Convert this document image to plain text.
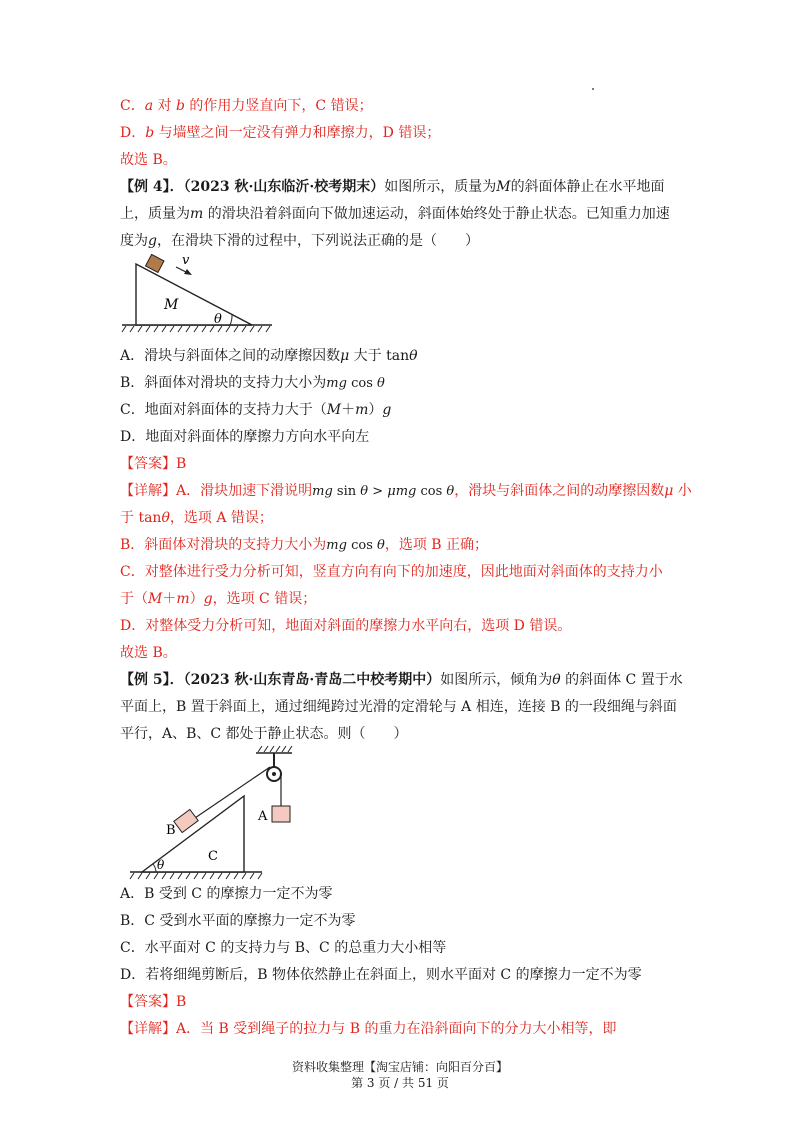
C．a 对 b 的作用力竖直向下，C 错误；
D．b 与墙壁之间一定没有弹力和摩擦力，D 错误；
故选 B。
【例 4】．（2023 秋·山东临沂·校考期末）如图所示，质量为M的斜面体静止在水平地面
上，质量为m 的滑块沿着斜面向下做加速运动，斜面体始终处于静止状态。已知重力加速
度为g，在滑块下滑的过程中，下列说法正确的是（　　）
v
M
θ
A．滑块与斜面体之间的动摩擦因数μ 大于 tanθ
B．斜面体对滑块的支持力大小为mg cos θ
C．地面对斜面体的支持力大于（M＋m）g
D．地面对斜面体的摩擦力方向水平向左
【答案】B
【详解】A．滑块加速下滑说明mg sin θ > μmg cos θ，滑块与斜面体之间的动摩擦因数μ 小
于 tanθ，选项 A 错误；
B．斜面体对滑块的支持力大小为mg cos θ，选项 B 正确；
C．对整体进行受力分析可知，竖直方向有向下的加速度，因此地面对斜面体的支持力小
于（M＋m）g，选项 C 错误；
D．对整体受力分析可知，地面对斜面的摩擦力水平向右，选项 D 错误。
故选 B。
【例 5】．（2023 秋·山东青岛·青岛二中校考期中）如图所示，倾角为θ 的斜面体 C 置于水
平面上，B 置于斜面上，通过细绳跨过光滑的定滑轮与 A 相连，连接 B 的一段细绳与斜面
平行，A、B、C 都处于静止状态。则（　　）
A
B
C
θ
A．B 受到 C 的摩擦力一定不为零
B．C 受到水平面的摩擦力一定不为零
C．水平面对 C 的支持力与 B、C 的总重力大小相等
D．若将细绳剪断后，B 物体依然静止在斜面上，则水平面对 C 的摩擦力一定不为零
【答案】B
【详解】A．当 B 受到绳子的拉力与 B 的重力在沿斜面向下的分力大小相等，即
资料收集整理【淘宝店铺：向阳百分百】
第 3 页 / 共 51 页
